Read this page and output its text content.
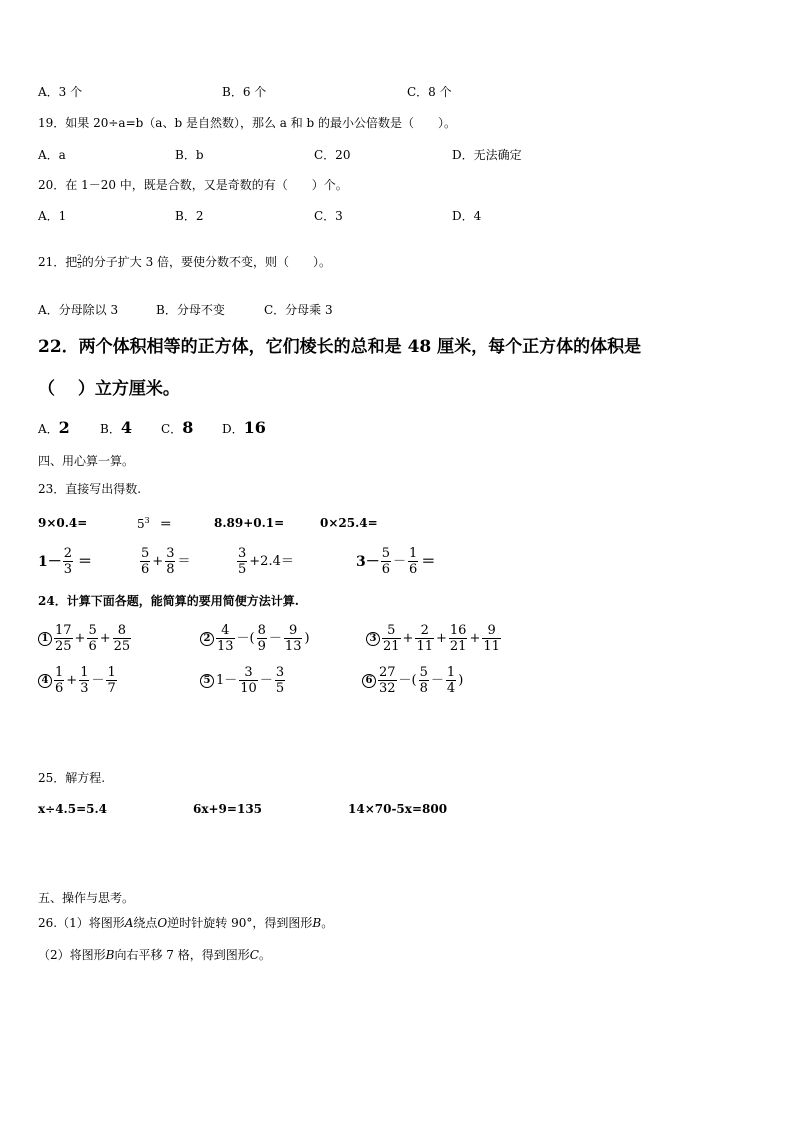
A．3 个	B．6 个	C．8 个
19．如果 20÷a=b（a、b 是自然数），那么 a 和 b 的最小公倍数是（　　）。
A．a	B．b	C．20	D．无法确定
20．在 1－20 中，既是合数，又是奇数的有（　　）个。
A．1	B．2	C．3	D．4
21．把 $\frac{2}{5}$ 的分子扩大 3 倍，要使分数不变，则（　　）。
A．分母除以 3	B．分母不变	C．分母乘 3
22．两个体积相等的正方体，它们棱长的总和是 48 厘米，每个正方体的体积是
（　 ）立方厘米。
A．2	B．4 C．8 D．16
四、用心算一算。
23．直接写出得数.
9×0.4=	$5^3$ ＝	8.89+0.1=	0×25.4=
$1- \frac{2}{3}$ ＝	$\frac{5}{6} + \frac{3}{8}$ ＝	$\frac{3}{5} +2.4=$	$3- \frac{5}{6} - \frac{1}{6}$ ＝
24．计算下面各题，能简算的要用简便方法计算.
$1 \frac{17}{25} + \frac{5}{6} + \frac{8}{25}$	$2 \frac{4}{13}$ －( $\frac{8}{9} - \frac{9}{13}$ )	$3 \frac{5}{21} + \frac{2}{11} + \frac{16}{21} + \frac{9}{11}$
$4 \frac{1}{6} + \frac{1}{3} - \frac{1}{7}$	5 $1- \frac{3}{10} - \frac{3}{5}$	$6 \frac{27}{32}$ －( $\frac{5}{8} - \frac{1}{4}$ )
25．解方程.
x÷4.5=5.4	6x+9=135	14×70-5x=800
五、操作与思考。
26.（1）将图形A绕点O逆时针旋转 90°，得到图形B。
（2）将图形B向右平移 7 格，得到图形C。
